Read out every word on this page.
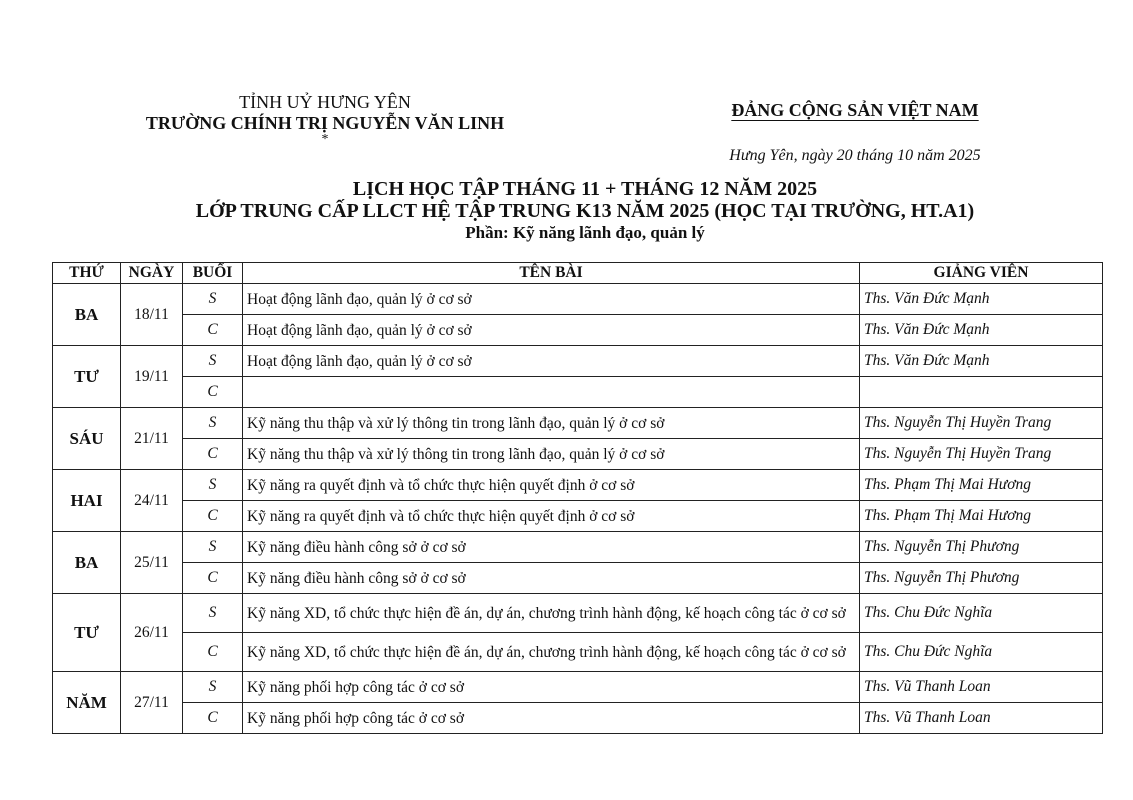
TỈNH UỶ HƯNG YÊN
TRƯỜNG CHÍNH TRỊ NGUYỄN VĂN LINH
*
ĐẢNG CỘNG SẢN VIỆT NAM
Hưng Yên, ngày 20 tháng 10 năm 2025
LỊCH HỌC TẬP THÁNG 11 + THÁNG 12 NĂM 2025
LỚP TRUNG CẤP LLCT HỆ TẬP TRUNG K13 NĂM 2025 (HỌC TẠI TRƯỜNG, HT.A1)
Phần: Kỹ năng lãnh đạo, quản lý
THỨ	NGÀY	BUỔI	TÊN BÀI	GIẢNG VIÊN
BA	18/11	S	Hoạt động lãnh đạo, quản lý ở cơ sở	Ths. Văn Đức Mạnh
		C	Hoạt động lãnh đạo, quản lý ở cơ sở	Ths. Văn Đức Mạnh
TƯ	19/11	S	Hoạt động lãnh đạo, quản lý ở cơ sở	Ths. Văn Đức Mạnh
		C		
SÁU	21/11	S	Kỹ năng thu thập và xử lý thông tin trong lãnh đạo, quản lý ở cơ sở	Ths. Nguyễn Thị Huyền Trang
		C	Kỹ năng thu thập và xử lý thông tin trong lãnh đạo, quản lý ở cơ sở	Ths. Nguyễn Thị Huyền Trang
HAI	24/11	S	Kỹ năng ra quyết định và tổ chức thực hiện quyết định ở cơ sở	Ths. Phạm Thị Mai Hương
		C	Kỹ năng ra quyết định và tổ chức thực hiện quyết định ở cơ sở	Ths. Phạm Thị Mai Hương
BA	25/11	S	Kỹ năng điều hành công sở ở cơ sở	Ths. Nguyễn Thị Phương
		C	Kỹ năng điều hành công sở ở cơ sở	Ths. Nguyễn Thị Phương
TƯ	26/11	S	Kỹ năng XD, tổ chức thực hiện đề án, dự án, chương trình hành động, kế hoạch công tác ở cơ sở	Ths. Chu Đức Nghĩa
		C	Kỹ năng XD, tổ chức thực hiện đề án, dự án, chương trình hành động, kế hoạch công tác ở cơ sở	Ths. Chu Đức Nghĩa
NĂM	27/11	S	Kỹ năng phối hợp công tác ở cơ sở	Ths. Vũ Thanh Loan
		C	Kỹ năng phối hợp công tác ở cơ sở	Ths. Vũ Thanh Loan
